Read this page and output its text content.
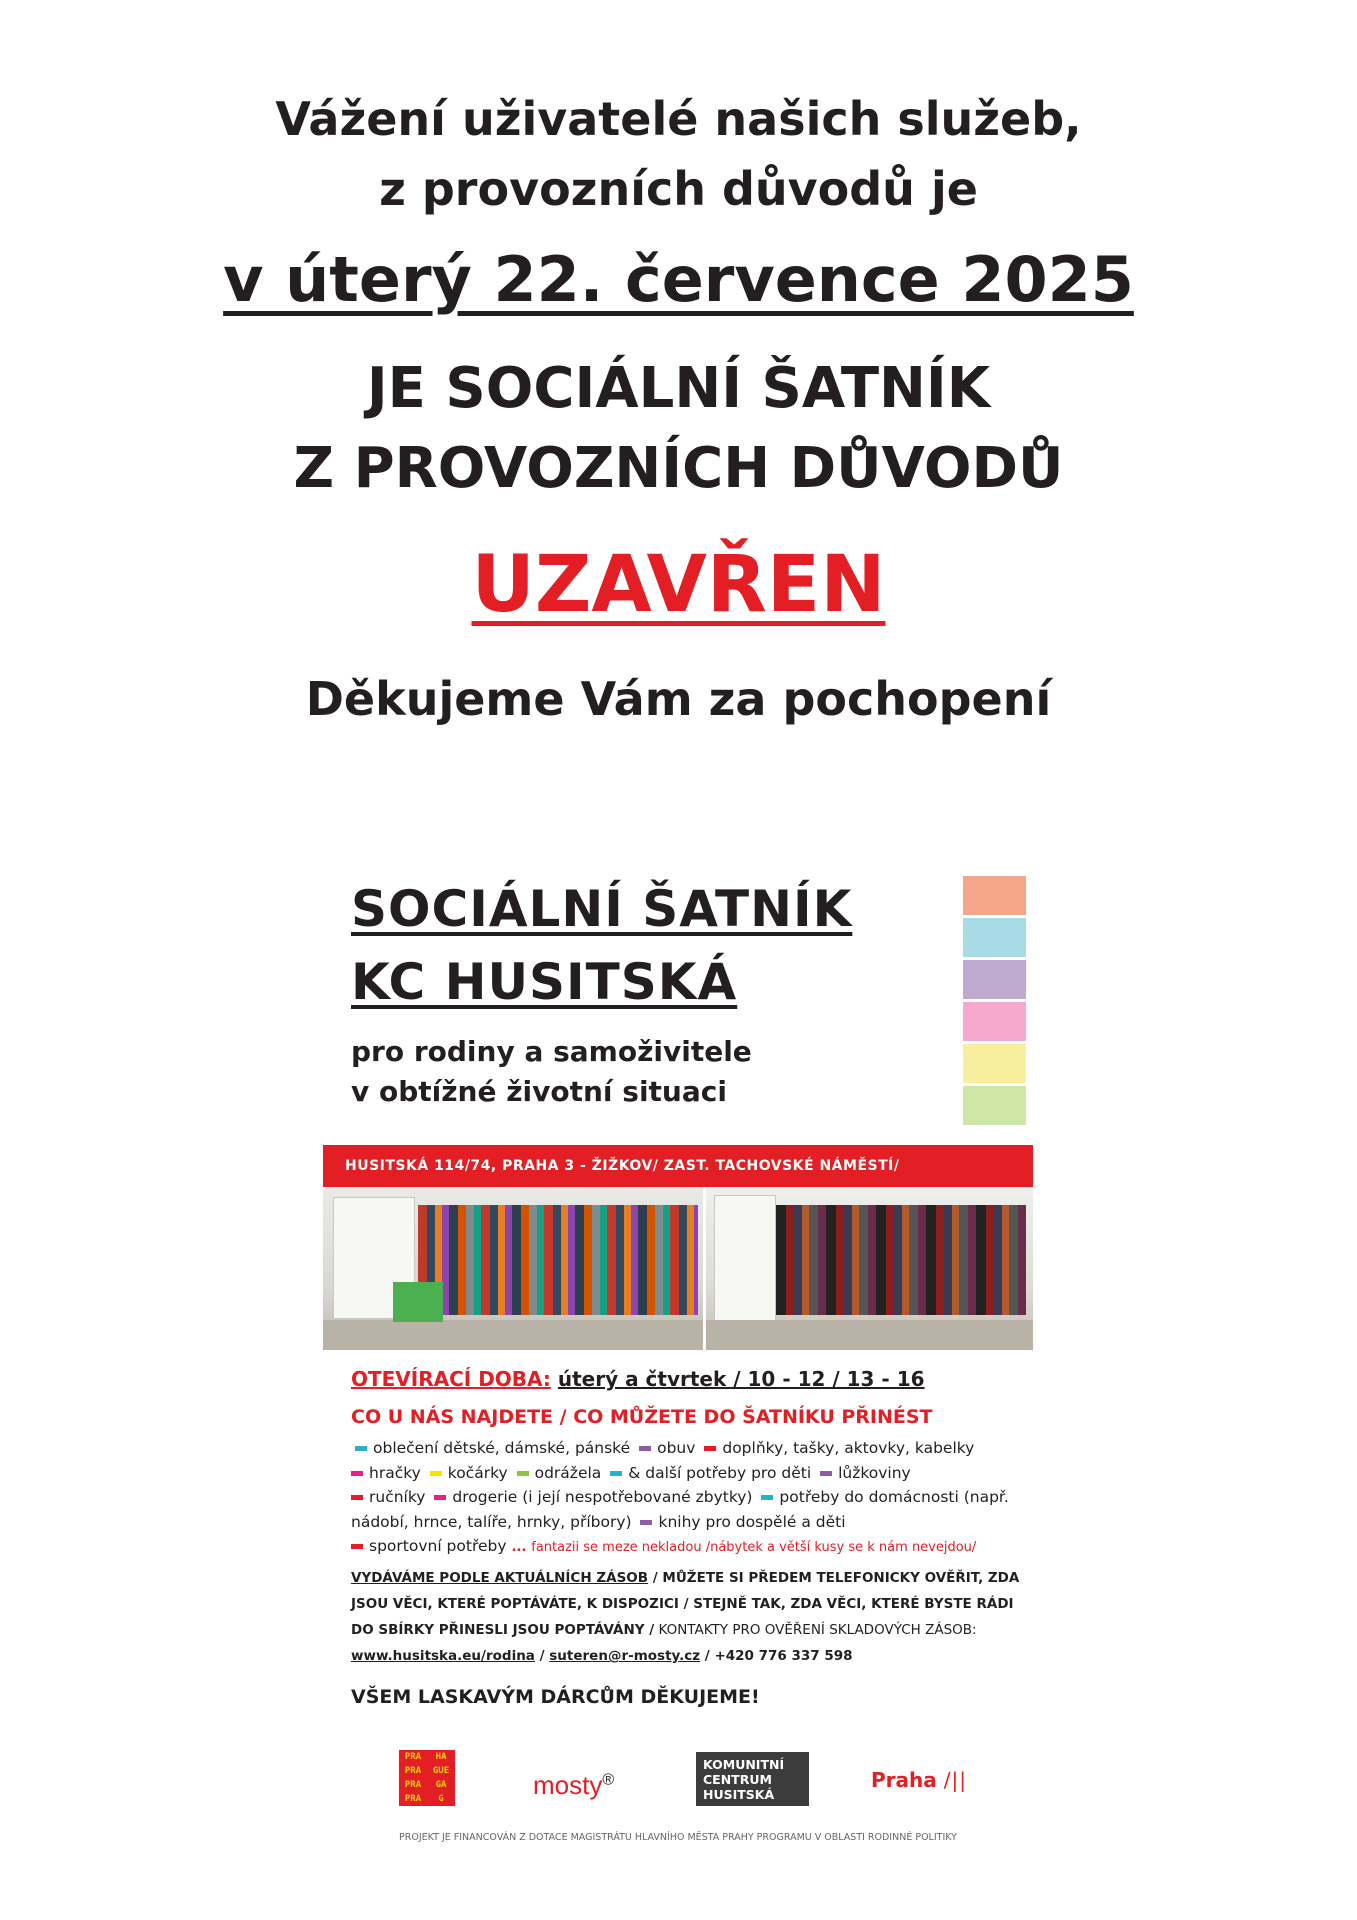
Vážení uživatelé našich služeb,
z provozních důvodů je
v úterý 22. července 2025
JE SOCIÁLNÍ ŠATNÍK
Z PROVOZNÍCH DŮVODŮ
UZAVŘEN
Děkujeme Vám za pochopení
SOCIÁLNÍ ŠATNÍK
KC HUSITSKÁ
pro rodiny a samoživitele
v obtížné životní situaci
HUSITSKÁ 114/74, PRAHA 3 - ŽIŽKOV/ ZAST. TACHOVSKÉ NÁMĚSTÍ/
OTEVÍRACÍ DOBA: úterý a čtvrtek / 10 - 12 / 13 - 16
CO U NÁS NAJDETE / CO MŮŽETE DO ŠATNÍKU PŘINÉST
oblečení dětské, dámské, pánské obuv doplňky, tašky, aktovky, kabelky
hračky kočárky odrážela & další potřeby pro děti lůžkoviny
ručníky drogerie (i její nespotřebované zbytky) potřeby do domácnosti (např. nádobí, hrnce, talíře, hrnky, příbory) knihy pro dospělé a děti
sportovní potřeby ... fantazii se meze nekladou /nábytek a větší kusy se k nám nevejdou/
VYDÁVÁME PODLE AKTUÁLNÍCH ZÁSOB / MŮŽETE SI PŘEDEM TELEFONICKY OVĚŘIT, ZDA JSOU VĚCI, KTERÉ POPTÁVÁTE, K DISPOZICI / STEJNĚ TAK, ZDA VĚCI, KTERÉ BYSTE RÁDI DO SBÍRKY PŘINESLI JSOU POPTÁVÁNY / KONTAKTY PRO OVĚŘENÍ SKLADOVÝCH ZÁSOB:
www.husitska.eu/rodina / suteren@r-mosty.cz / +420 776 337 598
VŠEM LASKAVÝM DÁRCŮM DĚKUJEME!
PRA	HA
PRA	GUE
PRA	GA
PRA	G	mosty®
KOMUNITNÍ
CENTRUM
HUSITSKÁ
Praha /||
PROJEKT JE FINANCOVÁN Z DOTACE MAGISTRÁTU HLAVNÍHO MĚSTA PRAHY PROGRAMU V OBLASTI RODINNÉ POLITIKY
